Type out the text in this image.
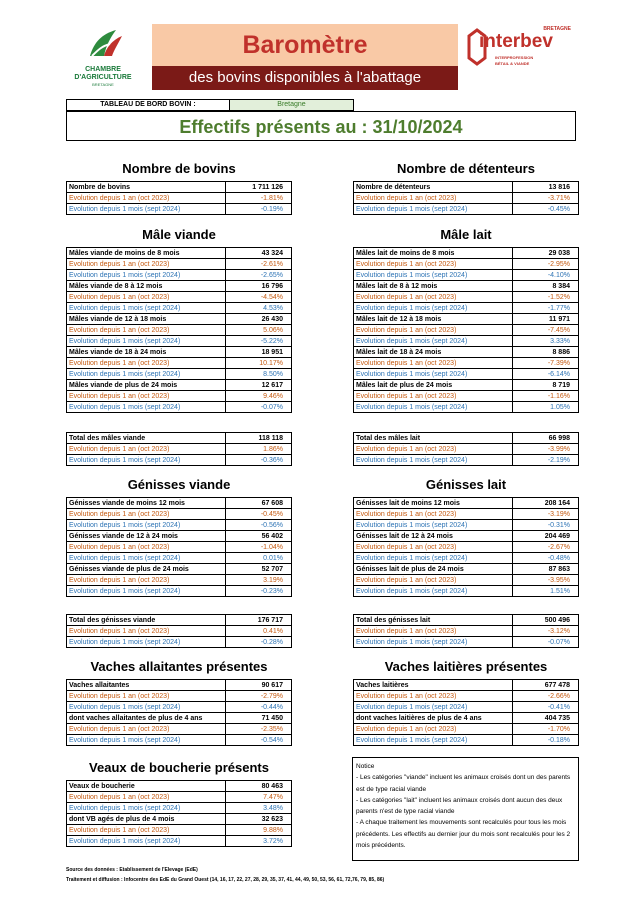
CHAMBRE
D'AGRICULTURE
BRETAGNE
Baromètre
des bovins disponibles à l'abattage
BRETAGNE
interbev
INTERPROFESSION
BÉTAIL & VIANDE
TABLEAU DE BORD BOVIN :	Bretagne
Effectifs présents au : 31/10/2024
Notice
- Les catégories "viande" incluent les animaux croisés dont un des parents est de type racial viande
- Les catégories "lait" incluent les animaux croisés dont aucun des deux parents n'est de type racial viande
- A chaque traitement les mouvements sont recalculés pour tous les mois précédents. Les effectifs au dernier jour du mois sont recalculés pour les 2 mois précédents.
Source des données : Etablissement de l'Elevage (EdE)
Traitement et diffusion : Infocentre des EdE du Grand Ouest (14, 16, 17, 22, 27, 28, 29, 35, 37, 41, 44, 49, 50, 53, 56, 61, 72,76, 79, 85, 86)
Nombre de bovins
Nombre de bovins	1 711 126
Evolution depuis 1 an (oct 2023)	-1.81%
Evolution depuis 1 mois (sept 2024)	-0.19%
Nombre de détenteurs
Nombre de détenteurs	13 816
Evolution depuis 1 an (oct 2023)	-3.71%
Evolution depuis 1 mois (sept 2024)	-0.45%
Mâle viande
Mâles viande de moins de 8 mois	43 324
Evolution depuis 1 an (oct 2023)	-2.61%
Evolution depuis 1 mois (sept 2024)	-2.65%
Mâles viande de 8 à 12 mois	16 796
Evolution depuis 1 an (oct 2023)	-4.54%
Evolution depuis 1 mois (sept 2024)	4.53%
Mâles viande de 12 à 18 mois	26 430
Evolution depuis 1 an (oct 2023)	5.06%
Evolution depuis 1 mois (sept 2024)	-5.22%
Mâles viande de 18 à 24 mois	18 951
Evolution depuis 1 an (oct 2023)	10.17%
Evolution depuis 1 mois (sept 2024)	8.50%
Mâles viande de plus de 24 mois	12 617
Evolution depuis 1 an (oct 2023)	9.46%
Evolution depuis 1 mois (sept 2024)	-0.07%
Total des mâles viande	118 118
Evolution depuis 1 an (oct 2023)	1.86%
Evolution depuis 1 mois (sept 2024)	-0.36%
Mâle lait
Mâles lait de moins de 8 mois	29 038
Evolution depuis 1 an (oct 2023)	-2.95%
Evolution depuis 1 mois (sept 2024)	-4.10%
Mâles lait de 8 à 12 mois	8 384
Evolution depuis 1 an (oct 2023)	-1.52%
Evolution depuis 1 mois (sept 2024)	-1.77%
Mâles lait de 12 à 18 mois	11 971
Evolution depuis 1 an (oct 2023)	-7.45%
Evolution depuis 1 mois (sept 2024)	3.33%
Mâles lait de 18 à 24 mois	8 886
Evolution depuis 1 an (oct 2023)	-7.39%
Evolution depuis 1 mois (sept 2024)	-6.14%
Mâles lait de plus de 24 mois	8 719
Evolution depuis 1 an (oct 2023)	-1.16%
Evolution depuis 1 mois (sept 2024)	1.05%
Total des mâles lait	66 998
Evolution depuis 1 an (oct 2023)	-3.99%
Evolution depuis 1 mois (sept 2024)	-2.19%
Génisses viande
Génisses viande de moins 12 mois	67 608
Evolution depuis 1 an (oct 2023)	-0.45%
Evolution depuis 1 mois (sept 2024)	-0.56%
Génisses viande de 12 à 24 mois	56 402
Evolution depuis 1 an (oct 2023)	-1.04%
Evolution depuis 1 mois (sept 2024)	0.01%
Génisses viande de plus de 24 mois	52 707
Evolution depuis 1 an (oct 2023)	3.19%
Evolution depuis 1 mois (sept 2024)	-0.23%
Total des génisses viande	176 717
Evolution depuis 1 an (oct 2023)	0.41%
Evolution depuis 1 mois (sept 2024)	-0.28%
Génisses lait
Génisses lait de moins 12 mois	208 164
Evolution depuis 1 an (oct 2023)	-3.19%
Evolution depuis 1 mois (sept 2024)	-0.31%
Génisses lait de 12 à 24 mois	204 469
Evolution depuis 1 an (oct 2023)	-2.67%
Evolution depuis 1 mois (sept 2024)	-0.48%
Génisses lait de plus de 24 mois	87 863
Evolution depuis 1 an (oct 2023)	-3.95%
Evolution depuis 1 mois (sept 2024)	1.51%
Total des génisses lait	500 496
Evolution depuis 1 an (oct 2023)	-3.12%
Evolution depuis 1 mois (sept 2024)	-0.07%
Vaches allaitantes présentes
Vaches allaitantes	90 617
Evolution depuis 1 an (oct 2023)	-2.79%
Evolution depuis 1 mois (sept 2024)	-0.44%
dont vaches allaitantes de plus de 4 ans	71 450
Evolution depuis 1 an (oct 2023)	-2.35%
Evolution depuis 1 mois (sept 2024)	-0.54%
Vaches laitières présentes
Vaches laitières	677 478
Evolution depuis 1 an (oct 2023)	-2.66%
Evolution depuis 1 mois (sept 2024)	-0.41%
dont vaches laitières de plus de 4 ans	404 735
Evolution depuis 1 an (oct 2023)	-1.70%
Evolution depuis 1 mois (sept 2024)	-0.18%
Veaux de boucherie présents
Veaux de boucherie	80 463
Evolution depuis 1 an (oct 2023)	7.47%
Evolution depuis 1 mois (sept 2024)	3.48%
dont VB agés de plus de 4 mois	32 623
Evolution depuis 1 an (oct 2023)	9.88%
Evolution depuis 1 mois (sept 2024)	3.72%
